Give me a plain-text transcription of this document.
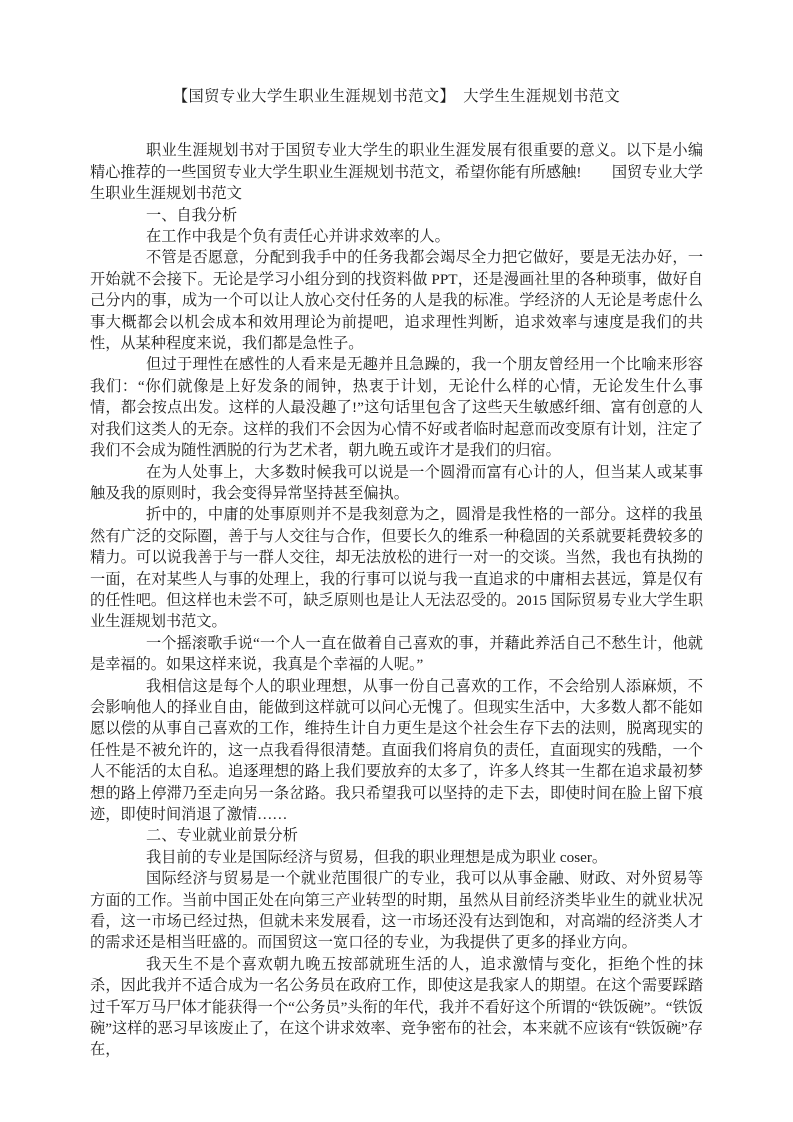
【国贸专业大学生职业生涯规划书范文】　大学生生涯规划书范文

职业生涯规划书对于国贸专业大学生的职业生涯发展有很重要的意义。以下是小编精心推荐的一些国贸专业大学生职业生涯规划书范文，希望你能有所感触!　　国贸专业大学生职业生涯规划书范文

一、自我分析

在工作中我是个负有责任心并讲求效率的人。

不管是否愿意，分配到我手中的任务我都会竭尽全力把它做好，要是无法办好，一开始就不会接下。无论是学习小组分到的找资料做 PPT，还是漫画社里的各种琐事，做好自己分内的事，成为一个可以让人放心交付任务的人是我的标准。学经济的人无论是考虑什么事大概都会以机会成本和效用理论为前提吧，追求理性判断，追求效率与速度是我们的共性，从某种程度来说，我们都是急性子。

但过于理性在感性的人看来是无趣并且急躁的，我一个朋友曾经用一个比喻来形容我们：“你们就像是上好发条的闹钟，热衷于计划，无论什么样的心情，无论发生什么事情，都会按点出发。这样的人最没趣了!”这句话里包含了这些天生敏感纤细、富有创意的人对我们这类人的无奈。这样的我们不会因为心情不好或者临时起意而改变原有计划，注定了我们不会成为随性洒脱的行为艺术者，朝九晚五或许才是我们的归宿。

在为人处事上，大多数时候我可以说是一个圆滑而富有心计的人，但当某人或某事触及我的原则时，我会变得异常坚持甚至偏执。

折中的，中庸的处事原则并不是我刻意为之，圆滑是我性格的一部分。这样的我虽然有广泛的交际圈，善于与人交往与合作，但要长久的维系一种稳固的关系就要耗费较多的精力。可以说我善于与一群人交往，却无法放松的进行一对一的交谈。当然，我也有执拗的一面，在对某些人与事的处理上，我的行事可以说与我一直追求的中庸相去甚远，算是仅有的任性吧。但这样也未尝不可，缺乏原则也是让人无法忍受的。2015 国际贸易专业大学生职业生涯规划书范文。

一个摇滚歌手说“一个人一直在做着自己喜欢的事，并藉此养活自己不愁生计，他就是幸福的。如果这样来说，我真是个幸福的人呢。”

我相信这是每个人的职业理想，从事一份自己喜欢的工作，不会给别人添麻烦，不会影响他人的择业自由，能做到这样就可以问心无愧了。但现实生活中，大多数人都不能如愿以偿的从事自己喜欢的工作，维持生计自力更生是这个社会生存下去的法则，脱离现实的任性是不被允许的，这一点我看得很清楚。直面我们将肩负的责任，直面现实的残酷，一个人不能活的太自私。追逐理想的路上我们要放弃的太多了，许多人终其一生都在追求最初梦想的路上停滞乃至走向另一条岔路。我只希望我可以坚持的走下去，即使时间在脸上留下痕迹，即使时间消退了激情……

二、专业就业前景分析

我目前的专业是国际经济与贸易，但我的职业理想是成为职业 coser。

国际经济与贸易是一个就业范围很广的专业，我可以从事金融、财政、对外贸易等方面的工作。当前中国正处在向第三产业转型的时期，虽然从目前经济类毕业生的就业状况看，这一市场已经过热，但就未来发展看，这一市场还没有达到饱和，对高端的经济类人才的需求还是相当旺盛的。而国贸这一宽口径的专业，为我提供了更多的择业方向。

我天生不是个喜欢朝九晚五按部就班生活的人，追求激情与变化，拒绝个性的抹杀，因此我并不适合成为一名公务员在政府工作，即使这是我家人的期望。在这个需要踩踏过千军万马尸体才能获得一个“公务员”头衔的年代，我并不看好这个所谓的“铁饭碗”。“铁饭碗”这样的恶习早该废止了，在这个讲求效率、竞争密布的社会，本来就不应该有“铁饭碗”存在，
